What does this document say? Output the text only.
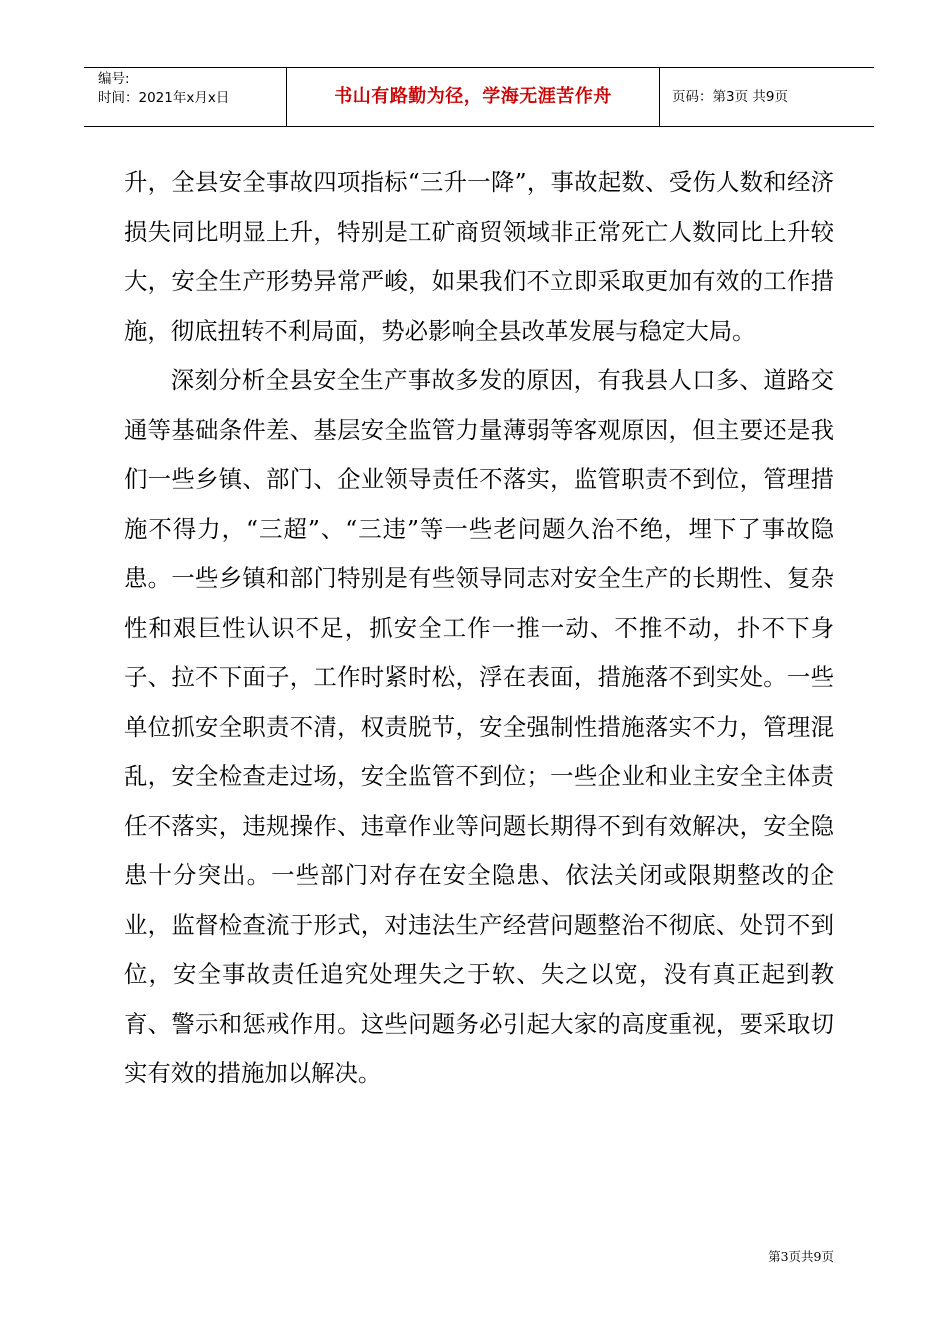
编号:
时间：2021年x月x日	书山有路勤为径，学海无涯苦作舟	页码：第3页 共9页

升，全县安全事故四项指标“三升一降”，事故起数、受伤人数和经济损失同比明显上升，特别是工矿商贸领域非正常死亡人数同比上升较大，安全生产形势异常严峻，如果我们不立即采取更加有效的工作措施，彻底扭转不利局面，势必影响全县改革发展与稳定大局。

深刻分析全县安全生产事故多发的原因，有我县人口多、道路交通等基础条件差、基层安全监管力量薄弱等客观原因，但主要还是我们一些乡镇、部门、企业领导责任不落实，监管职责不到位，管理措施不得力，“三超”、“三违”等一些老问题久治不绝，埋下了事故隐患。一些乡镇和部门特别是有些领导同志对安全生产的长期性、复杂性和艰巨性认识不足，抓安全工作一推一动、不推不动，扑不下身子、拉不下面子，工作时紧时松，浮在表面，措施落不到实处。一些单位抓安全职责不清，权责脱节，安全强制性措施落实不力，管理混乱，安全检查走过场，安全监管不到位；一些企业和业主安全主体责任不落实，违规操作、违章作业等问题长期得不到有效解决，安全隐患十分突出。一些部门对存在安全隐患、依法关闭或限期整改的企业，监督检查流于形式，对违法生产经营问题整治不彻底、处罚不到位，安全事故责任追究处理失之于软、失之以宽，没有真正起到教育、警示和惩戒作用。这些问题务必引起大家的高度重视，要采取切实有效的措施加以解决。

第3页共9页
